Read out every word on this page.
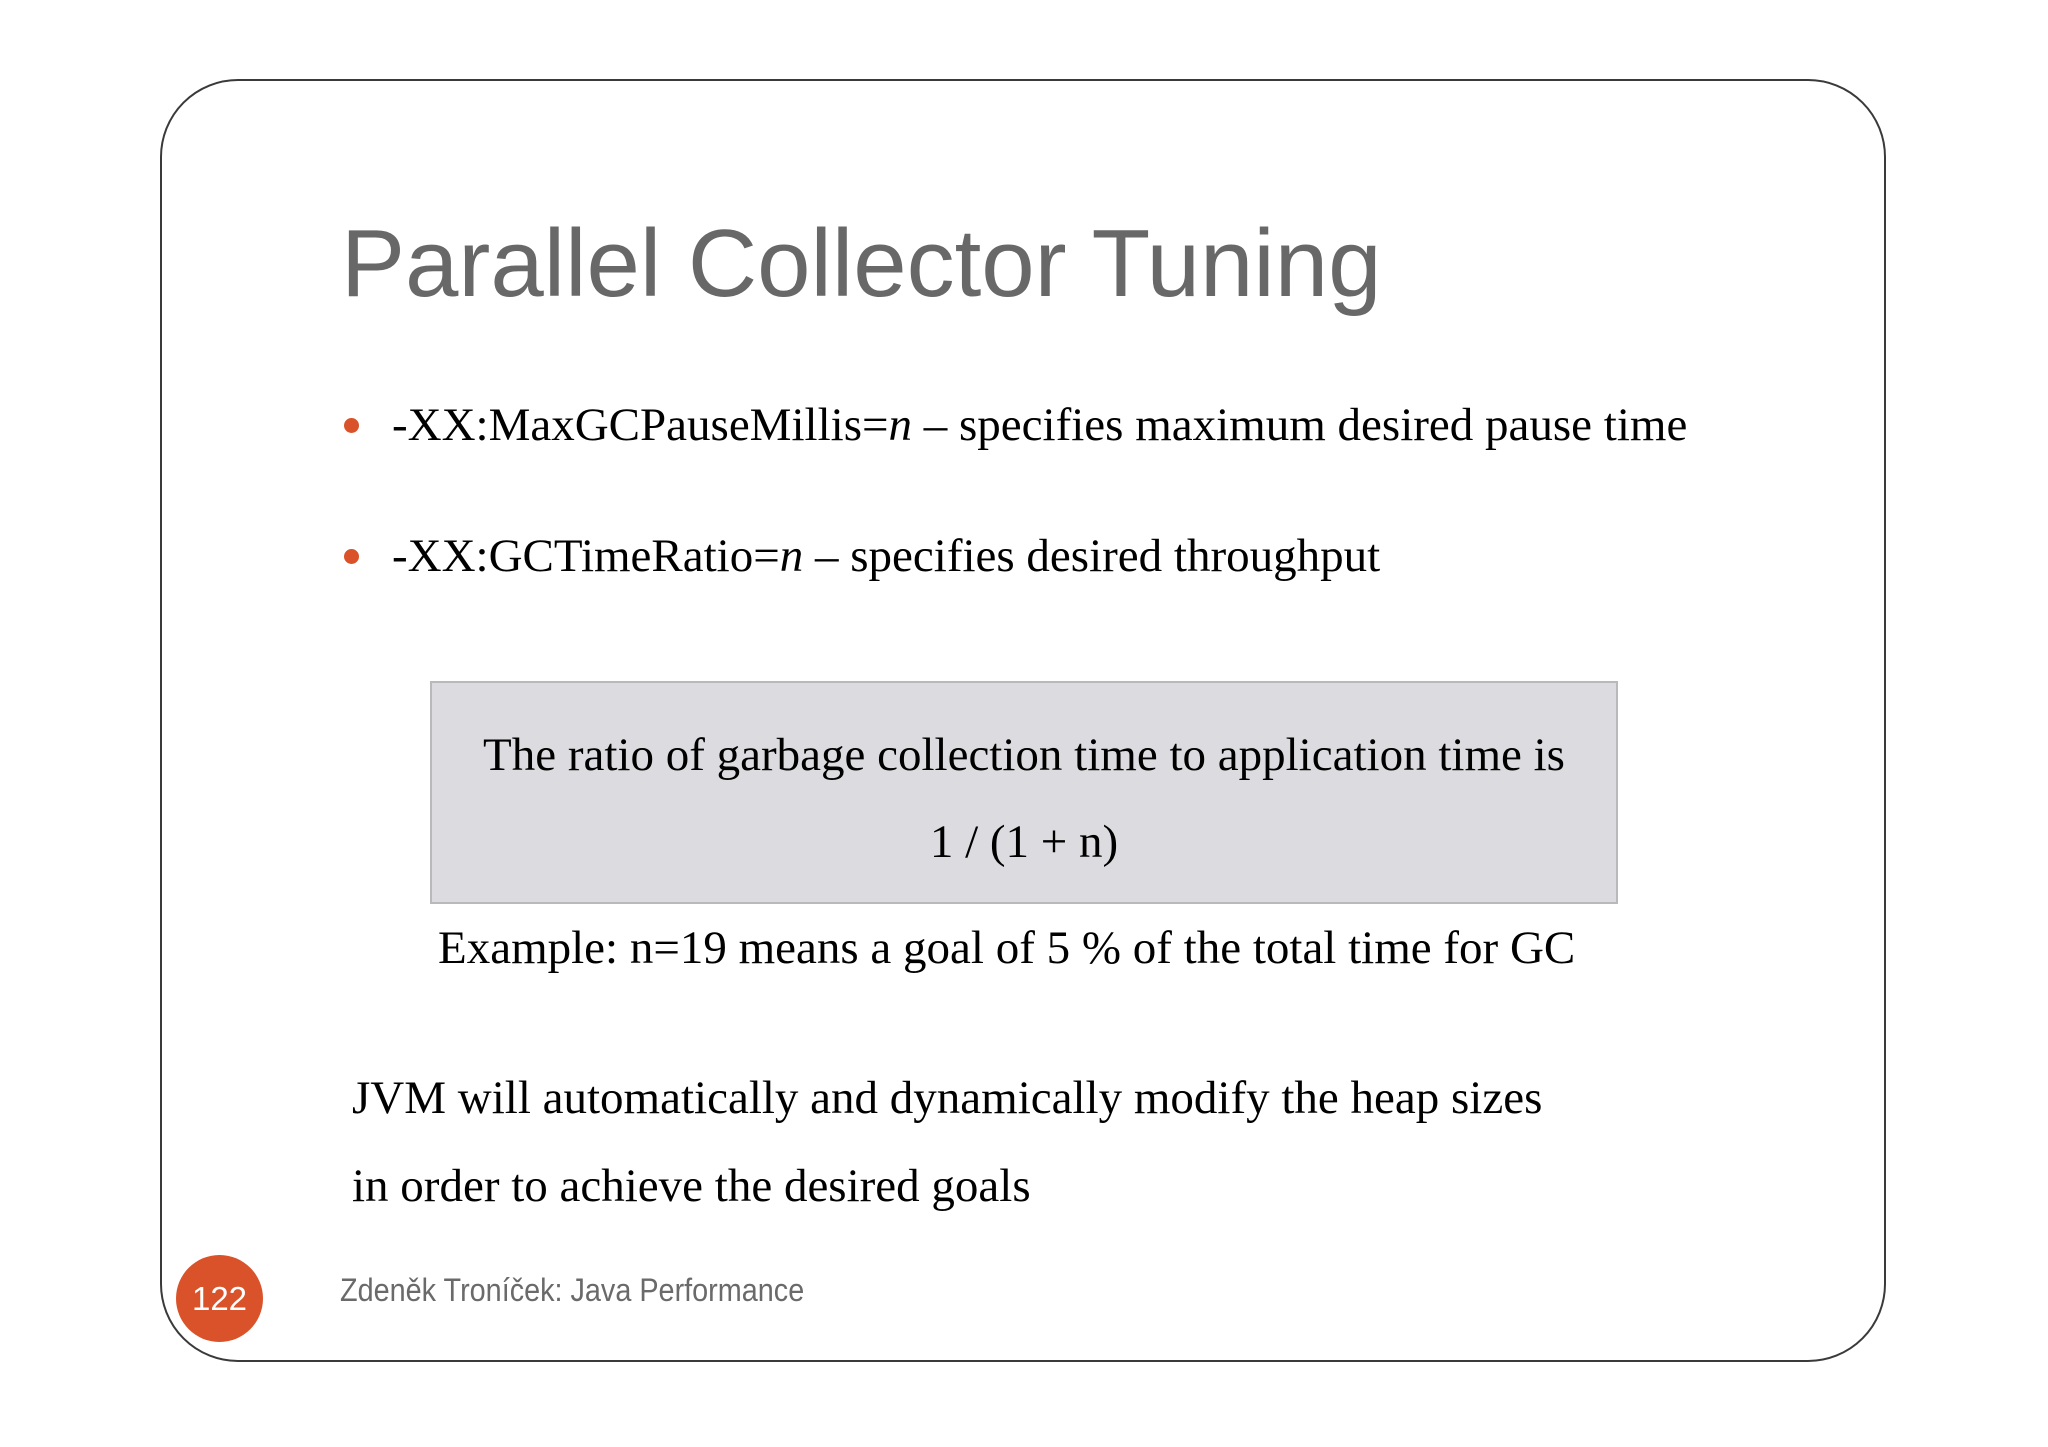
Parallel Collector Tuning
-XX:MaxGCPauseMillis=n – specifies maximum desired pause time
-XX:GCTimeRatio=n – specifies desired throughput
The ratio of garbage collection time to application time is
1 / (1 + n)
Example: n=19 means a goal of 5 % of the total time for GC
JVM will automatically and dynamically modify the heap sizes
in order to achieve the desired goals
122	Zdeněk Troníček: Java Performance
